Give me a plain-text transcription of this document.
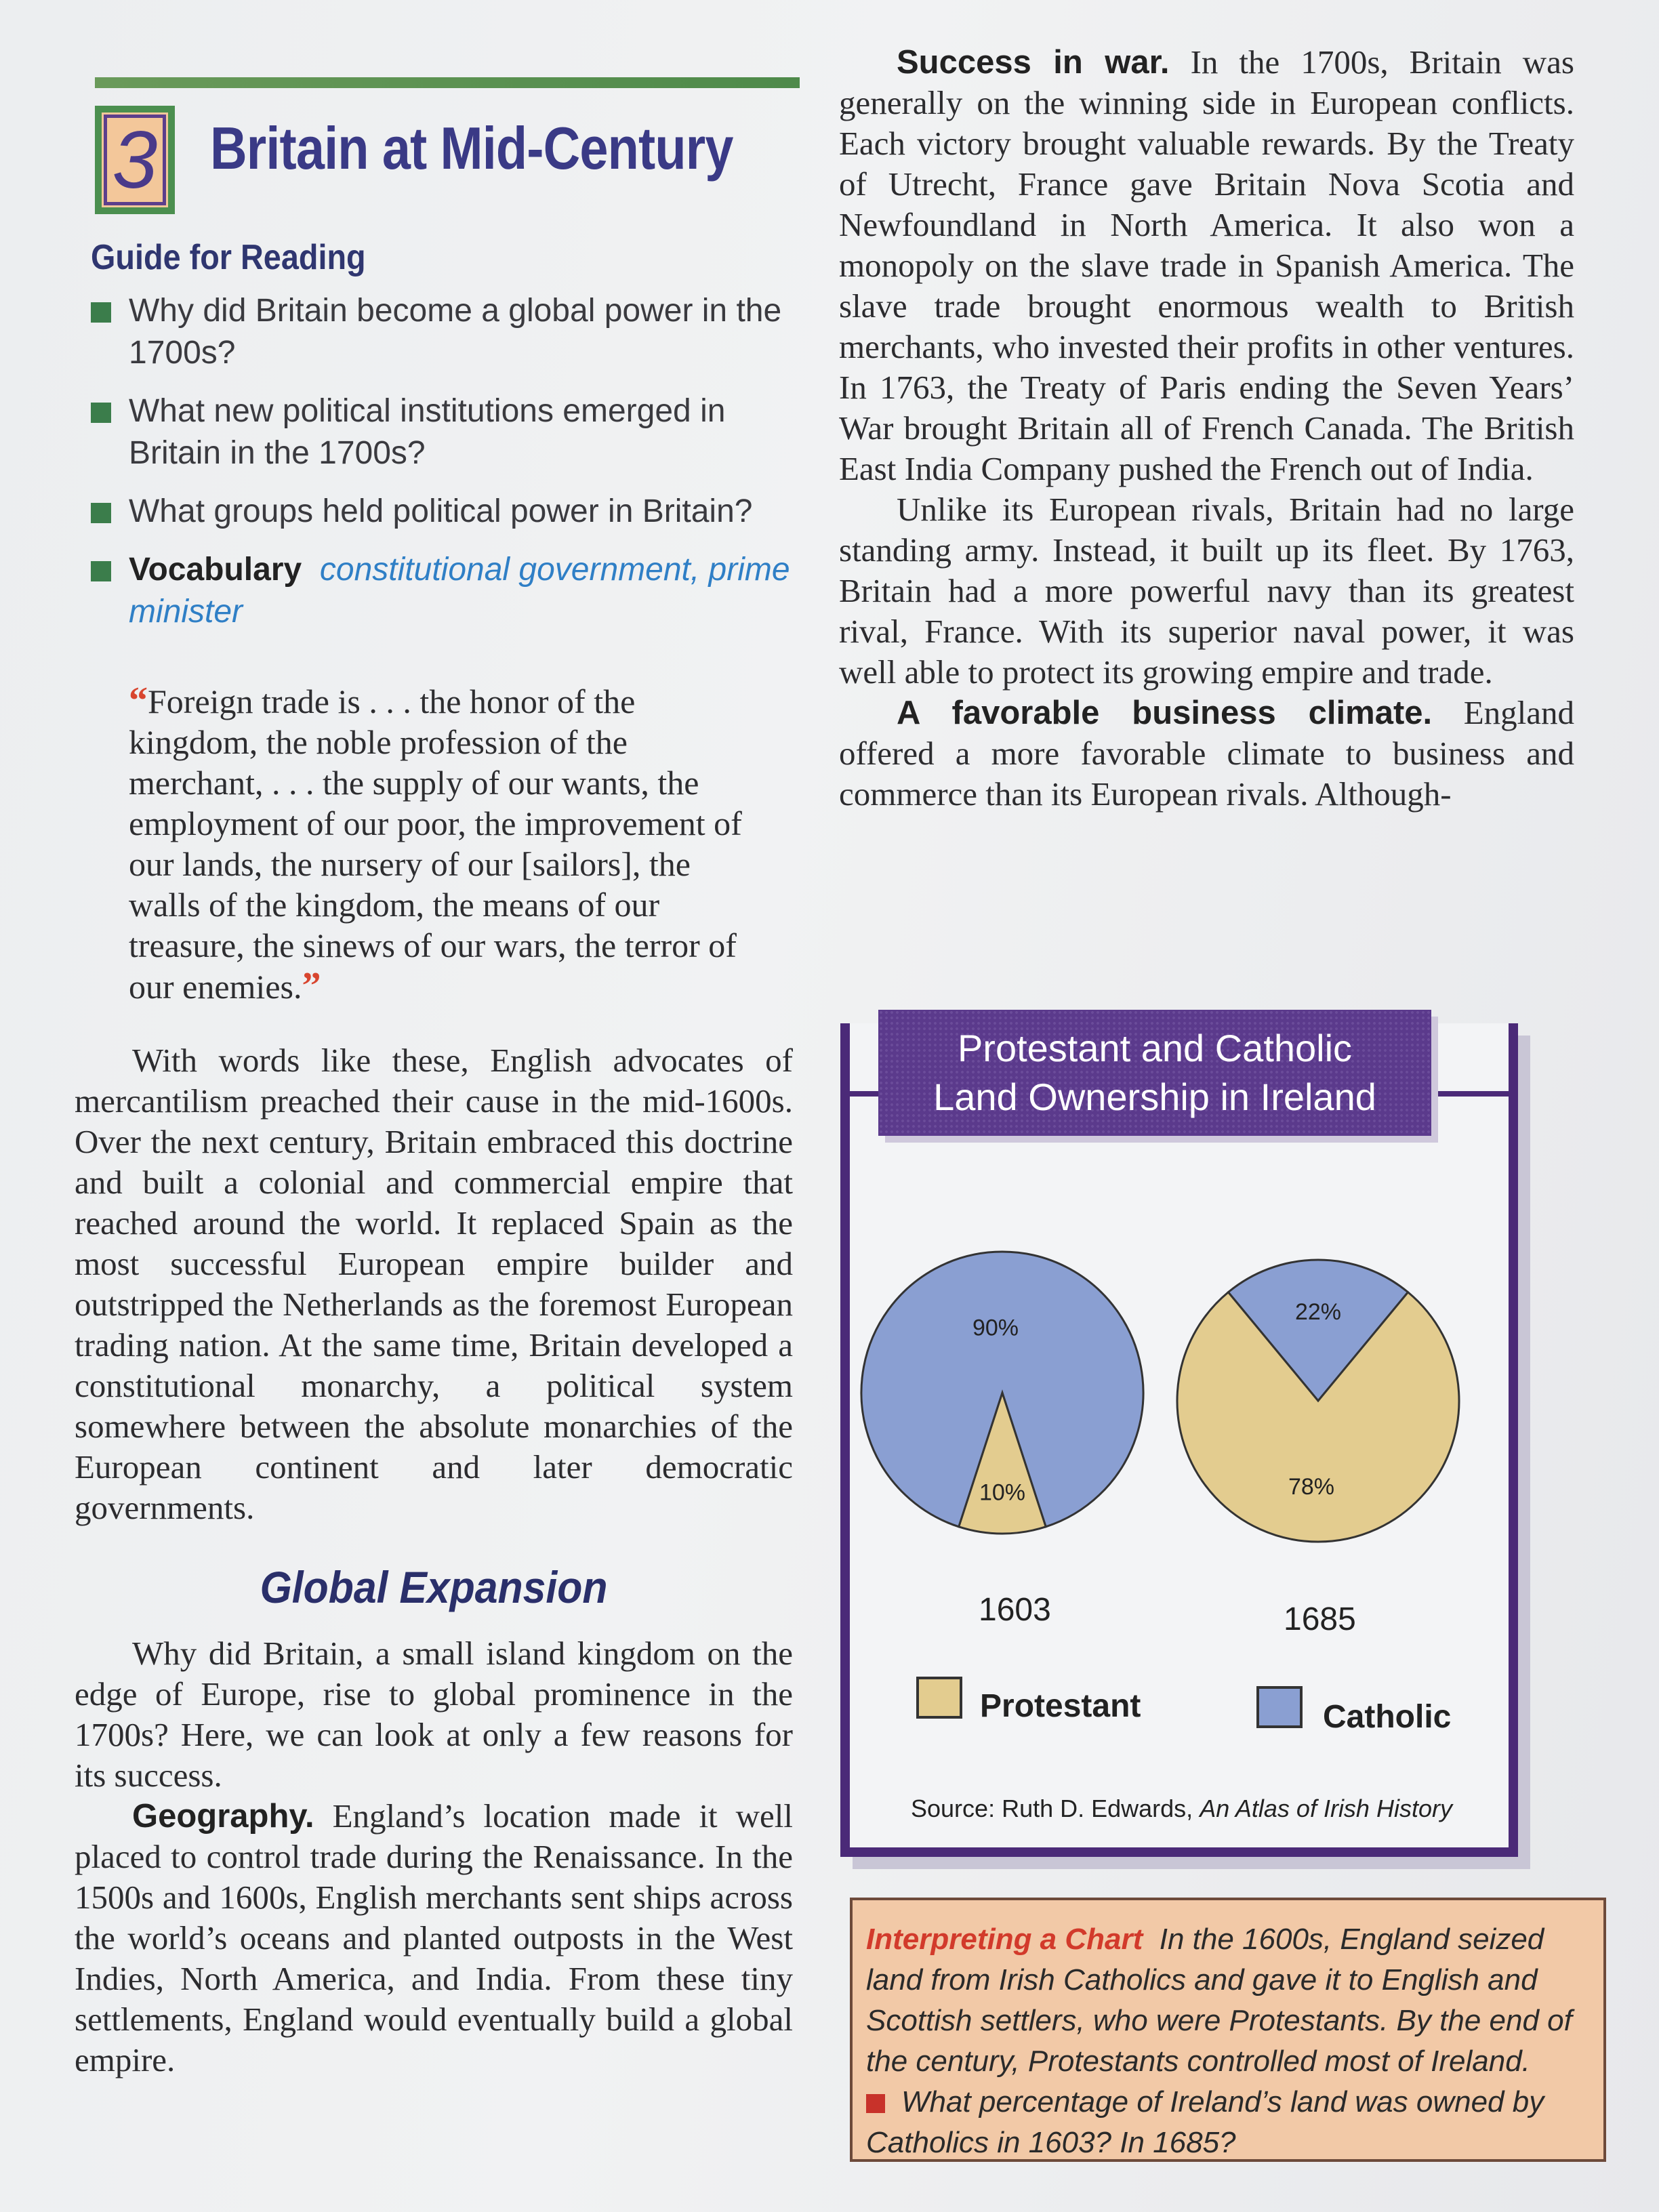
3 Britain at Mid-Century
Guide for Reading
Why did Britain become a global power in the 1700s?
What new political institutions emerged in Britain in the 1700s?
What groups held political power in Britain?
Vocabulary constitutional government, prime minister
“Foreign trade is . . . the honor of the kingdom, the noble profession of the merchant, . . . the supply of our wants, the employment of our poor, the improvement of our lands, the nursery of our [sailors], the walls of the kingdom, the means of our treasure, the sinews of our wars, the terror of our enemies.”

With words like these, English advocates of mercantilism preached their cause in the mid-1600s. Over the next century, Britain embraced this doctrine and built a colonial and commercial empire that reached around the world. It replaced Spain as the most successful European empire builder and outstripped the Netherlands as the foremost European trading nation. At the same time, Britain developed a constitutional monarchy, a political system somewhere between the absolute monarchies of the European continent and later democratic governments.

Global Expansion

Why did Britain, a small island kingdom on the edge of Europe, rise to global prominence in the 1700s? Here, we can look at only a few reasons for its success.

Geography. England’s location made it well placed to control trade during the Renaissance. In the 1500s and 1600s, English merchants sent ships across the world’s oceans and planted outposts in the West Indies, North America, and India. From these tiny settlements, England would eventually build a global empire.

Success in war. In the 1700s, Britain was generally on the winning side in European conflicts. Each victory brought valuable rewards. By the Treaty of Utrecht, France gave Britain Nova Scotia and Newfoundland in North America. It also won a monopoly on the slave trade in Spanish America. The slave trade brought enormous wealth to British merchants, who invested their profits in other ventures. In 1763, the Treaty of Paris ending the Seven Years’ War brought Britain all of French Canada. The British East India Company pushed the French out of India.

Unlike its European rivals, Britain had no large standing army. Instead, it built up its fleet. By 1763, Britain had a more powerful navy than its greatest rival, France. With its superior naval power, it was well able to protect its growing empire and trade.

A favorable business climate. England offered a more favorable climate to business and commerce than its European rivals. Although-

Protestant and Catholic
Land Ownership in Ireland
10%
90%
22%
78%
1603	1685
Protestant	Catholic
Source: Ruth D. Edwards, An Atlas of Irish History
Interpreting a Chart In the 1600s, England seized land from Irish Catholics and gave it to English and Scottish settlers, who were Protestants. By the end of the century, Protestants controlled most of Ireland.
What percentage of Ireland’s land was owned by Catholics in 1603? In 1685?
